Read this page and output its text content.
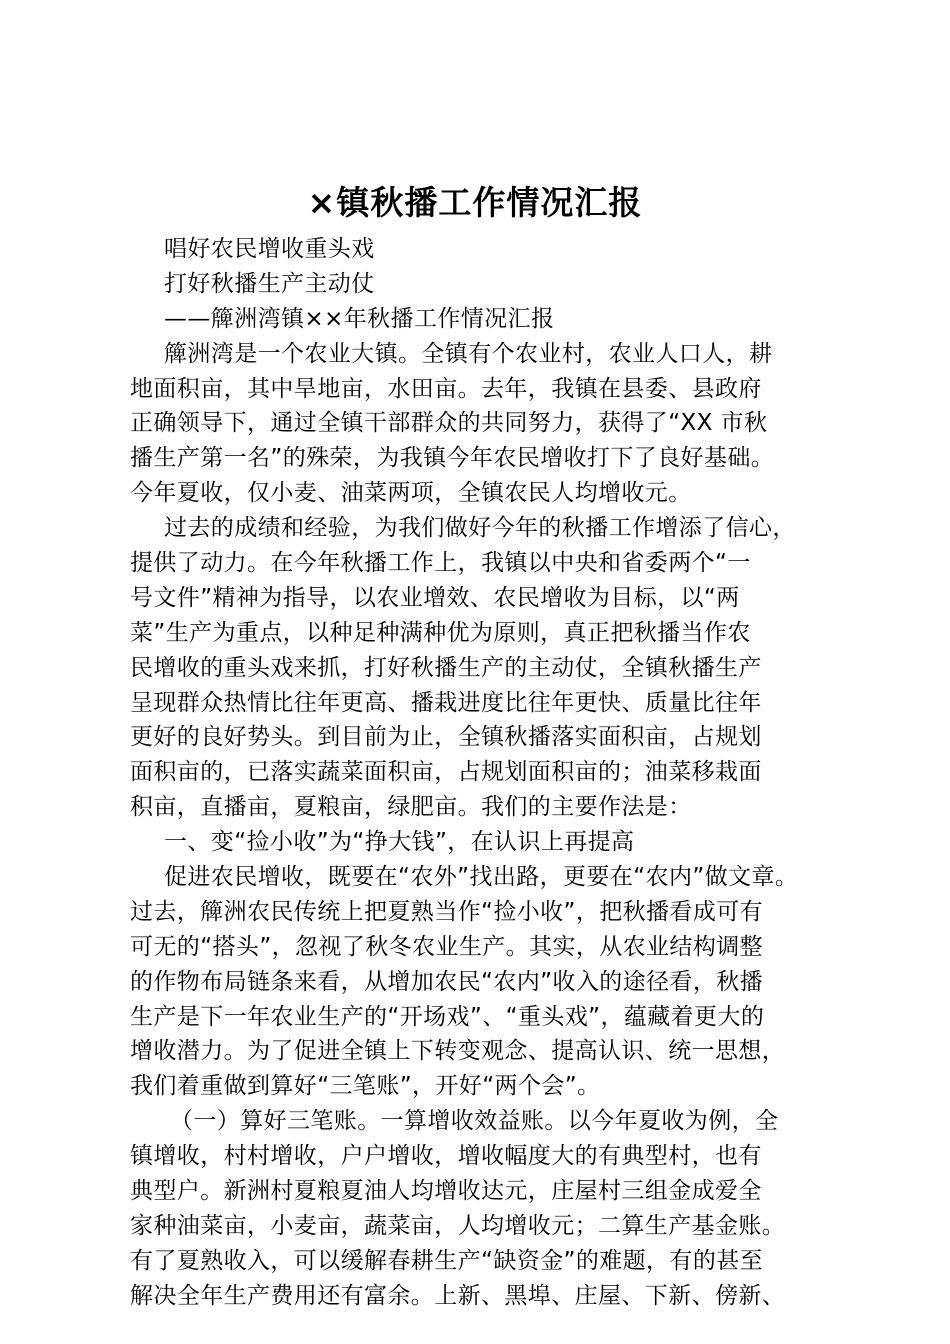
×镇秋播工作情况汇报
唱好农民增收重头戏
打好秋播生产主动仗
——簰洲湾镇××年秋播工作情况汇报
簰洲湾是一个农业大镇。全镇有个农业村，农业人口人，耕
地面积亩，其中旱地亩，水田亩。去年，我镇在县委、县政府
正确领导下，通过全镇干部群众的共同努力，获得了“XX 市秋
播生产第一名”的殊荣，为我镇今年农民增收打下了良好基础。
今年夏收，仅小麦、油菜两项，全镇农民人均增收元。
过去的成绩和经验，为我们做好今年的秋播工作增添了信心，
提供了动力。在今年秋播工作上，我镇以中央和省委两个“一
号文件”精神为指导，以农业增效、农民增收为目标，以“两
菜”生产为重点，以种足种满种优为原则，真正把秋播当作农
民增收的重头戏来抓，打好秋播生产的主动仗，全镇秋播生产
呈现群众热情比往年更高、播栽进度比往年更快、质量比往年
更好的良好势头。到目前为止，全镇秋播落实面积亩，占规划
面积亩的，已落实蔬菜面积亩，占规划面积亩的；油菜移栽面
积亩，直播亩，夏粮亩，绿肥亩。我们的主要作法是：
一、变“捡小收”为“挣大钱”，在认识上再提高
促进农民增收，既要在“农外”找出路，更要在“农内”做文章。
过去，簰洲农民传统上把夏熟当作“捡小收”，把秋播看成可有
可无的“搭头”，忽视了秋冬农业生产。其实，从农业结构调整
的作物布局链条来看，从增加农民“农内”收入的途径看，秋播
生产是下一年农业生产的“开场戏”、“重头戏”，蕴藏着更大的
增收潜力。为了促进全镇上下转变观念、提高认识、统一思想，
我们着重做到算好“三笔账”，开好“两个会”。
（一）算好三笔账。一算增收效益账。以今年夏收为例，全
镇增收，村村增收，户户增收，增收幅度大的有典型村，也有
典型户。新洲村夏粮夏油人均增收达元，庄屋村三组金成爱全
家种油菜亩，小麦亩，蔬菜亩，人均增收元；二算生产基金账。
有了夏熟收入，可以缓解春耕生产“缺资金”的难题，有的甚至
解决全年生产费用还有富余。上新、黑埠、庄屋、下新、傍新、
